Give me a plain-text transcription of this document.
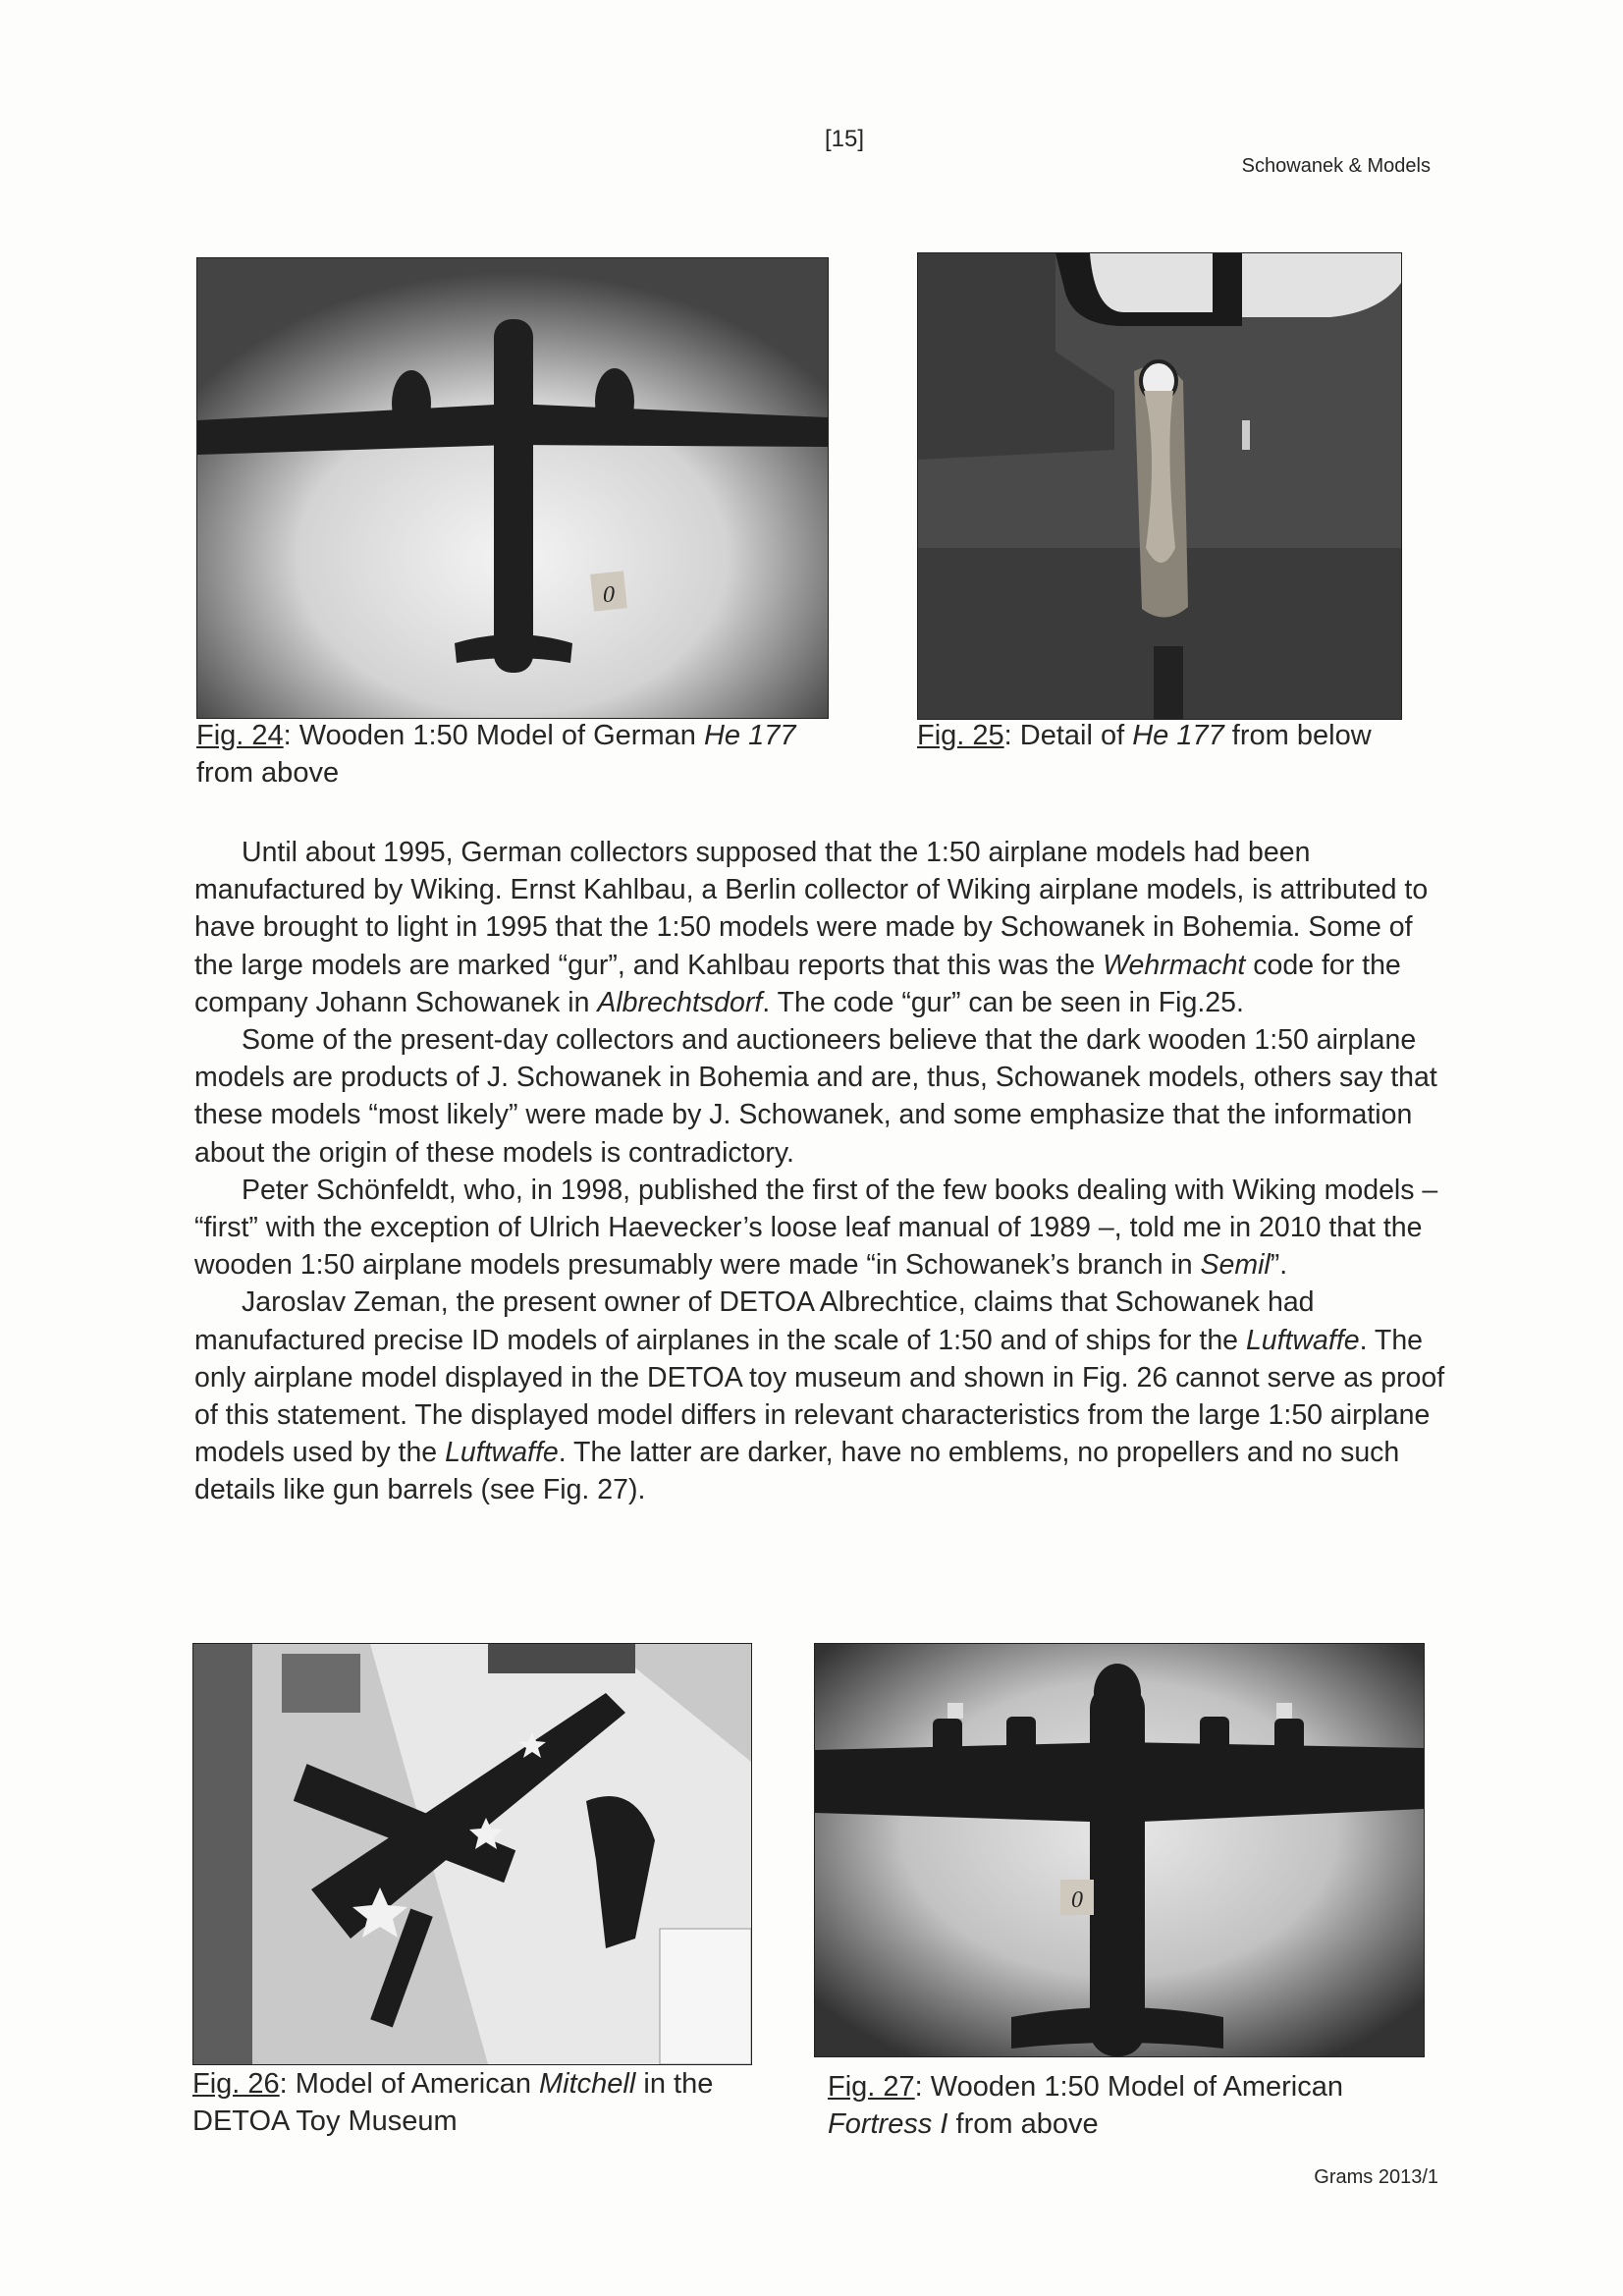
[15]
Schowanek & Models
0
Fig. 24: Wooden 1:50 Model of German He 177
from above
Fig. 25: Detail of He 177 from below

Until about 1995, German collectors supposed that the 1:50 airplane models had been manufactured by Wiking. Ernst Kahlbau, a Berlin collector of Wiking airplane models, is attributed to have brought to light in 1995 that the 1:50 models were made by Schowanek in Bohemia. Some of the large models are marked “gur”, and Kahlbau reports that this was the Wehrmacht code for the company Johann Schowanek in Albrechtsdorf. The code “gur” can be seen in Fig.25.

Some of the present-day collectors and auctioneers believe that the dark wooden 1:50 airplane models are products of J. Schowanek in Bohemia and are, thus, Schowanek models, others say that these models “most likely” were made by J. Schowanek, and some emphasize that the information about the origin of these models is contradictory.

Peter Schönfeldt, who, in 1998, published the first of the few books dealing with Wiking models – “first” with the exception of Ulrich Haevecker’s loose leaf manual of 1989 –, told me in 2010 that the wooden 1:50 airplane models presumably were made “in Schowanek’s branch in Semil”.

Jaroslav Zeman, the present owner of DETOA Albrechtice, claims that Schowanek had manufactured precise ID models of airplanes in the scale of 1:50 and of ships for the Luftwaffe. The only airplane model displayed in the DETOA toy museum and shown in Fig. 26 cannot serve as proof of this statement. The displayed model differs in relevant characteristics from the large 1:50 airplane models used by the Luftwaffe. The latter are darker, have no emblems, no propellers and no such details like gun barrels (see Fig. 27).

0
Fig. 26: Model of American Mitchell in the
DETOA Toy Museum
Fig. 27: Wooden 1:50 Model of American
Fortress I from above
Grams 2013/1
